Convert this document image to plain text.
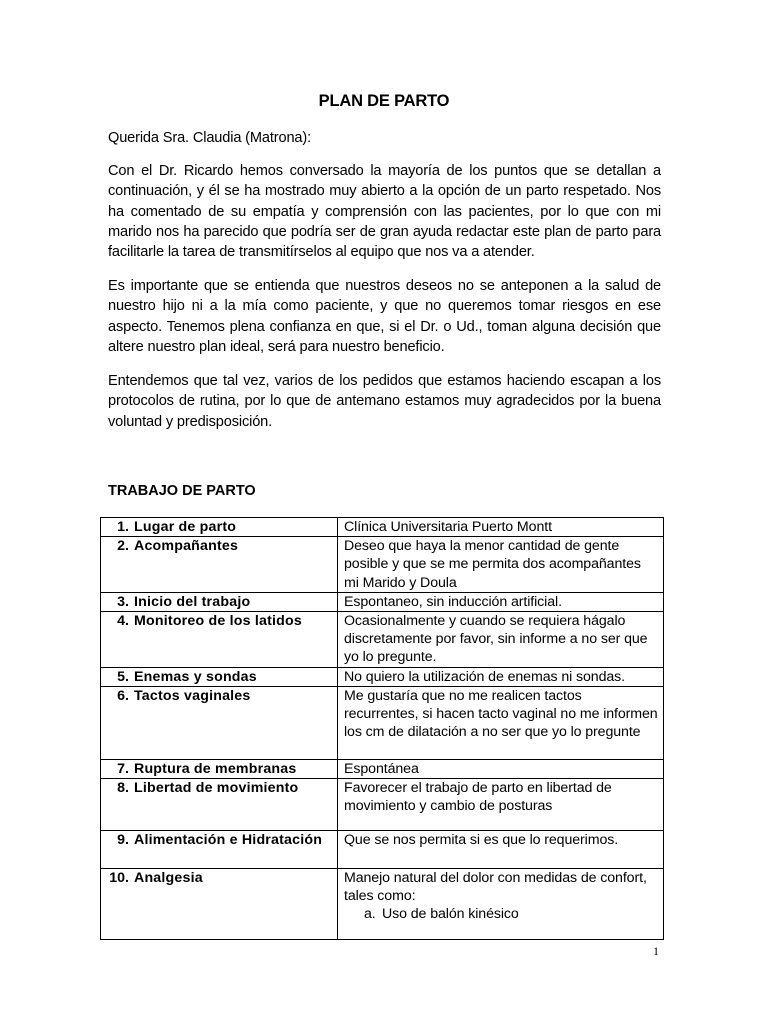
PLAN DE PARTO

Querida Sra. Claudia (Matrona):

Con el Dr. Ricardo hemos conversado la mayoría de los puntos que se detallan a continuación, y él se ha mostrado muy abierto a la opción de un parto respetado. Nos ha comentado de su empatía y comprensión con las pacientes, por lo que con mi marido nos ha parecido que podría ser de gran ayuda redactar este plan de parto para facilitarle la tarea de transmitírselos al equipo que nos va a atender.

Es importante que se entienda que nuestros deseos no se anteponen a la salud de nuestro hijo ni a la mía como paciente, y que no queremos tomar riesgos en ese aspecto. Tenemos plena confianza en que, si el Dr. o Ud., toman alguna decisión que altere nuestro plan ideal, será para nuestro beneficio.

Entendemos que tal vez, varios de los pedidos que estamos haciendo escapan a los protocolos de rutina, por lo que de antemano estamos muy agradecidos por la buena voluntad y predisposición.

TRABAJO DE PARTO
1. Lugar de parto	Clínica Universitaria Puerto Montt
2. Acompañantes	Deseo que haya la menor cantidad de gente posible y que se me permita dos acompañantes mi Marido y Doula
3. Inicio del trabajo	Espontaneo, sin inducción artificial.
4. Monitoreo de los latidos	Ocasionalmente y cuando se requiera hágalo discretamente por favor, sin informe a no ser que yo lo pregunte.
5. Enemas y sondas	No quiero la utilización de enemas ni sondas.
6. Tactos vaginales	Me gustaría que no me realicen tactos recurrentes, si hacen tacto vaginal no me informen los cm de dilatación a no ser que yo lo pregunte
7. Ruptura de membranas	Espontánea
8. Libertad de movimiento	Favorecer el trabajo de parto en libertad de movimiento y cambio de posturas
9. Alimentación e Hidratación	Que se nos permita si es que lo requerimos.
10. Analgesia	Manejo natural del dolor con medidas de confort, tales como:
a. Uso de balón kinésico
1
